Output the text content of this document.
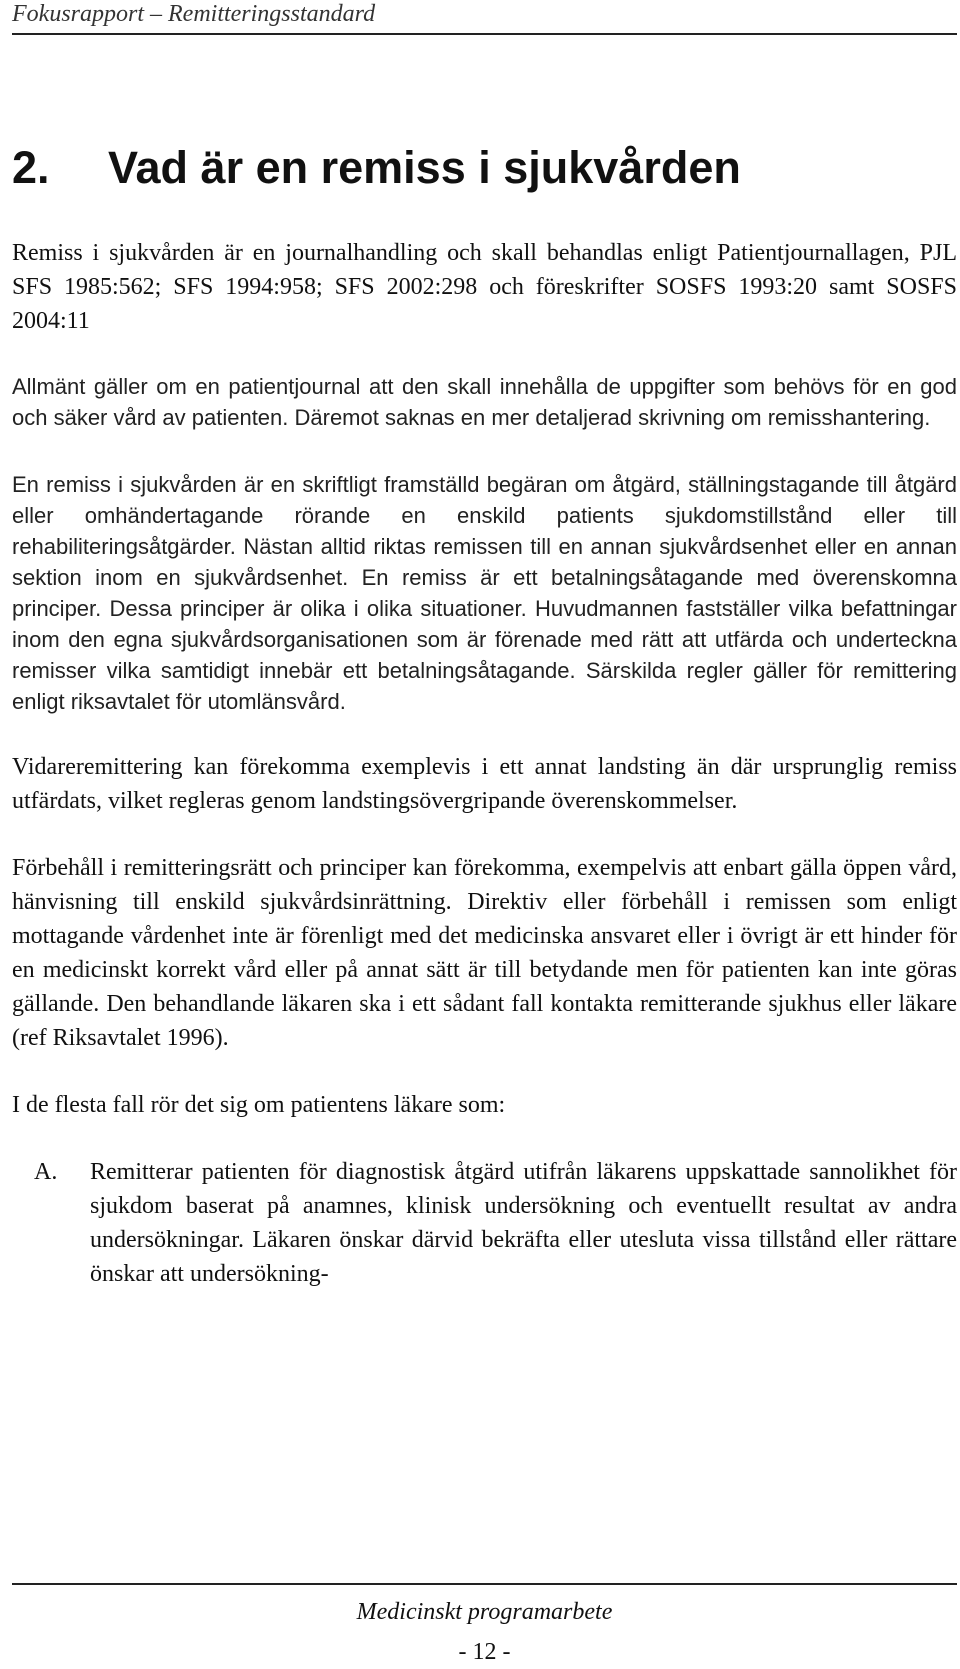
Fokusrapport – Remitteringsstandard
2. Vad är en remiss i sjukvården

Remiss i sjukvården är en journalhandling och skall behandlas enligt Patientjournallagen, PJL SFS 1985:562; SFS 1994:958; SFS 2002:298 och föreskrifter SOSFS 1993:20 samt SOSFS 2004:11

Allmänt gäller om en patientjournal att den skall innehålla de uppgifter som behövs för en god och säker vård av patienten. Däremot saknas en mer detaljerad skrivning om remisshantering.

En remiss i sjukvården är en skriftligt framställd begäran om åtgärd, ställningstagande till åtgärd eller omhändertagande rörande en enskild patients sjukdomstillstånd eller till rehabiliteringsåtgärder. Nästan alltid riktas remissen till en annan sjukvårdsenhet eller en annan sektion inom en sjukvårdsenhet. En remiss är ett betalningsåtagande med överenskomna principer. Dessa principer är olika i olika situationer. Huvudmannen fastställer vilka befattningar inom den egna sjukvårdsorganisationen som är förenade med rätt att utfärda och underteckna remisser vilka samtidigt innebär ett betalningsåtagande. Särskilda regler gäller för remittering enligt riksavtalet för utomlänsvård.

Vidareremittering kan förekomma exemplevis i ett annat landsting än där ursprunglig remiss utfärdats, vilket regleras genom landstingsövergripande överenskommelser.

Förbehåll i remitteringsrätt och principer kan förekomma, exempelvis att enbart gälla öppen vård, hänvisning till enskild sjukvårdsinrättning. Direktiv eller förbehåll i remissen som enligt mottagande vårdenhet inte är förenligt med det medicinska ansvaret eller i övrigt är ett hinder för en medicinskt korrekt vård eller på annat sätt är till betydande men för patienten kan inte göras gällande. Den behandlande läkaren ska i ett sådant fall kontakta remitterande sjukhus eller läkare (ref Riksavtalet 1996).

I de flesta fall rör det sig om patientens läkare som:

A.	Remitterar patienten för diagnostisk åtgärd utifrån läkarens uppskattade sannolikhet för sjukdom baserat på anamnes, klinisk undersökning och eventuellt resultat av andra undersökningar. Läkaren önskar därvid bekräfta eller utesluta vissa tillstånd eller rättare önskar att undersökning-
Medicinskt programarbete
- 12 -
